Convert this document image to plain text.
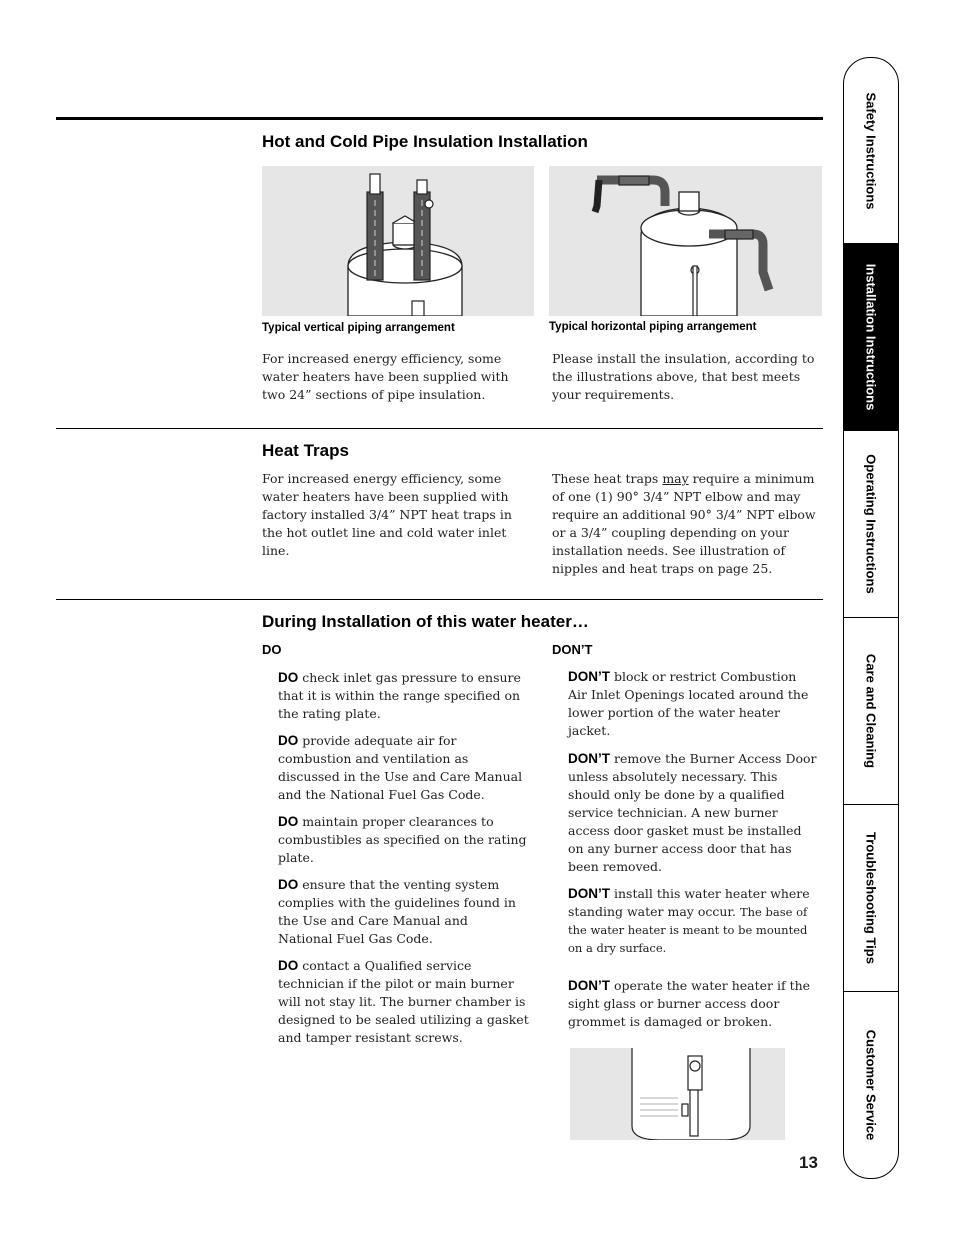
Hot and Cold Pipe Insulation Installation
Typical vertical piping arrangement	Typical horizontal piping arrangement

For increased energy efficiency, some water heaters have been supplied with two 24” sections of pipe insulation.

Please install the insulation, according to the illustrations above, that best meets your requirements.

Heat Traps

For increased energy efficiency, some water heaters have been supplied with factory installed 3/4” NPT heat traps in the hot outlet line and cold water inlet line.

These heat traps may require a minimum of one (1) 90° 3/4” NPT elbow and may require an additional 90° 3/4” NPT elbow or a 3/4” coupling depending on your installation needs. See illustration of nipples and heat traps on page 25.

During Installation of this water heater…
DO	DON’T

DO check inlet gas pressure to ensure that it is within the range specified on the rating plate.

DO provide adequate air for combustion and ventilation as discussed in the Use and Care Manual and the National Fuel Gas Code.

DO maintain proper clearances to combustibles as specified on the rating plate.

DO ensure that the venting system complies with the guidelines found in the Use and Care Manual and National Fuel Gas Code.

DO contact a Qualified service technician if the pilot or main burner will not stay lit. The burner chamber is designed to be sealed utilizing a gasket and tamper resistant screws.

DON’T block or restrict Combustion Air Inlet Openings located around the lower portion of the water heater jacket.

DON’T remove the Burner Access Door unless absolutely necessary. This should only be done by a qualified service technician. A new burner access door gasket must be installed on any burner access door that has been removed.

DON’T install this water heater where standing water may occur. The base of the water heater is meant to be mounted on a dry surface.

DON’T operate the water heater if the sight glass or burner access door grommet is damaged or broken.

Safety Instructions
Installation Instructions
Operating Instructions
Care and Cleaning
Troubleshooting Tips
Customer Service
13
